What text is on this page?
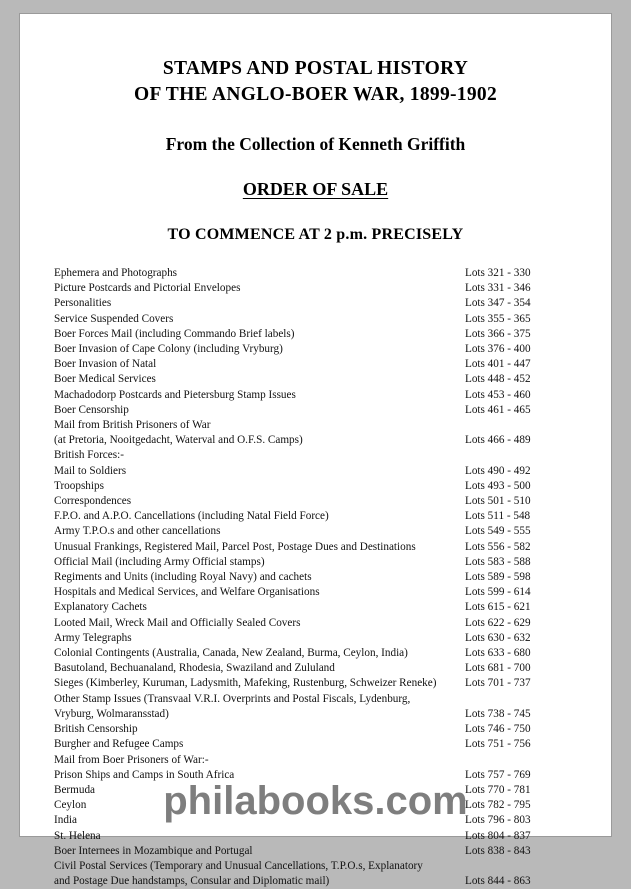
STAMPS AND POSTAL HISTORY
OF THE ANGLO-BOER WAR, 1899-1902
From the Collection of Kenneth Griffith
ORDER OF SALE
TO COMMENCE AT 2 p.m. PRECISELY
Ephemera and Photographs	Lots 321 - 330
Picture Postcards and Pictorial Envelopes	Lots 331 - 346
Personalities	Lots 347 - 354
Service Suspended Covers	Lots 355 - 365
Boer Forces Mail (including Commando Brief labels)	Lots 366 - 375
Boer Invasion of Cape Colony (including Vryburg)	Lots 376 - 400
Boer Invasion of Natal	Lots 401 - 447
Boer Medical Services	Lots 448 - 452
Machadodorp Postcards and Pietersburg Stamp Issues	Lots 453 - 460
Boer Censorship	Lots 461 - 465
Mail from British Prisoners of War	
(at Pretoria, Nooitgedacht, Waterval and O.F.S. Camps)	Lots 466 - 489
British Forces:-	
Mail to Soldiers	Lots 490 - 492
Troopships	Lots 493 - 500
Correspondences	Lots 501 - 510
F.P.O. and A.P.O. Cancellations (including Natal Field Force)	Lots 511 - 548
Army T.P.O.s and other cancellations	Lots 549 - 555
Unusual Frankings, Registered Mail, Parcel Post, Postage Dues and Destinations	Lots 556 - 582
Official Mail (including Army Official stamps)	Lots 583 - 588
Regiments and Units (including Royal Navy) and cachets	Lots 589 - 598
Hospitals and Medical Services, and Welfare Organisations	Lots 599 - 614
Explanatory Cachets	Lots 615 - 621
Looted Mail, Wreck Mail and Officially Sealed Covers	Lots 622 - 629
Army Telegraphs	Lots 630 - 632
Colonial Contingents (Australia, Canada, New Zealand, Burma, Ceylon, India)	Lots 633 - 680
Basutoland, Bechuanaland, Rhodesia, Swaziland and Zululand	Lots 681 - 700
Sieges (Kimberley, Kuruman, Ladysmith, Mafeking, Rustenburg, Schweizer Reneke)	Lots 701 - 737
Other Stamp Issues (Transvaal V.R.I. Overprints and Postal Fiscals, Lydenburg,	
Vryburg, Wolmaransstad)	Lots 738 - 745
British Censorship	Lots 746 - 750
Burgher and Refugee Camps	Lots 751 - 756
Mail from Boer Prisoners of War:-	
Prison Ships and Camps in South Africa	Lots 757 - 769
Bermuda	Lots 770 - 781
Ceylon	Lots 782 - 795
India	Lots 796 - 803
St. Helena	Lots 804 - 837
Boer Internees in Mozambique and Portugal	Lots 838 - 843
Civil Postal Services (Temporary and Unusual Cancellations, T.P.O.s, Explanatory	
and Postage Due handstamps, Consular and Diplomatic mail)	Lots 844 - 863
philabooks.com
